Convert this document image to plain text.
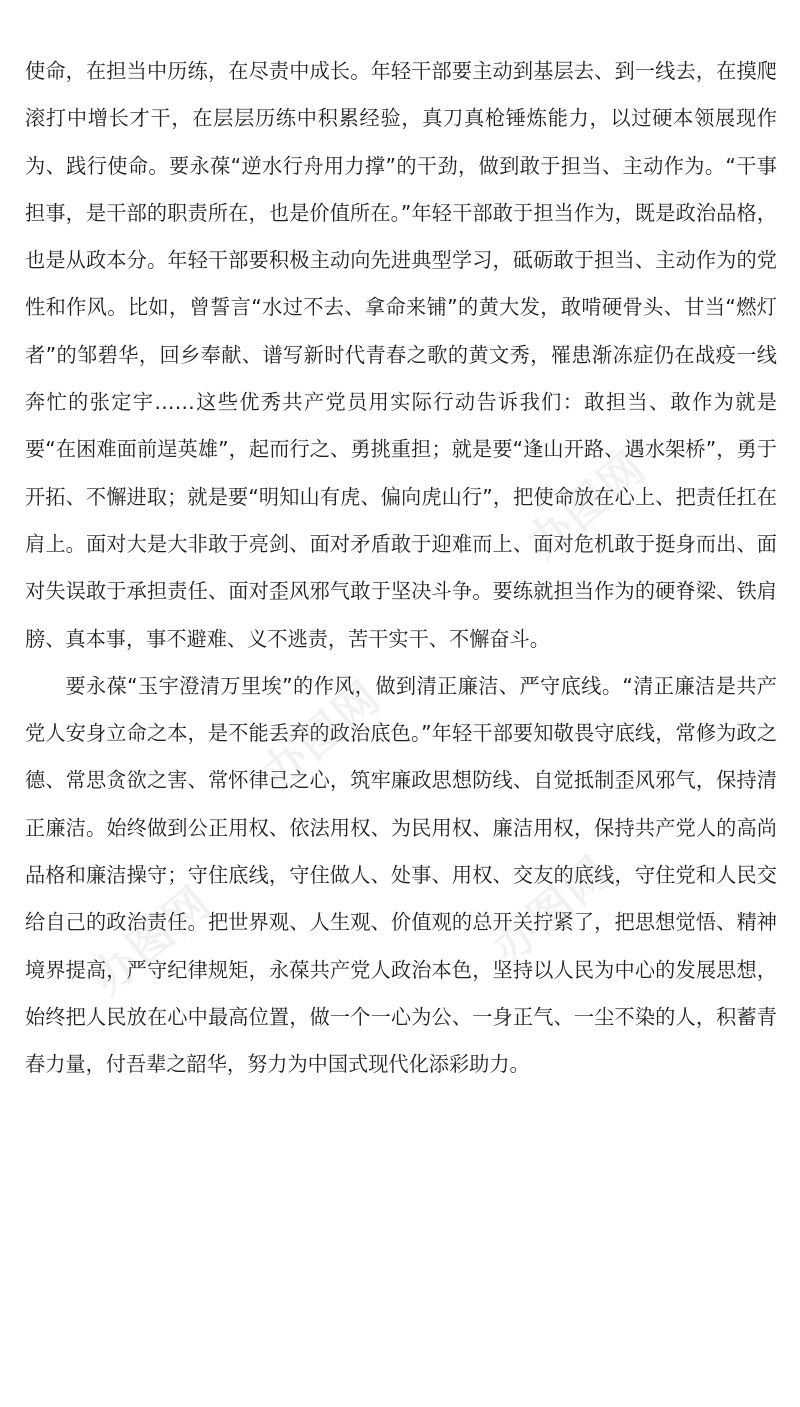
使命，在担当中历练，在尽责中成长。年轻干部要主动到基层去、到一线去，在摸爬滚打中增长才干，在层层历练中积累经验，真刀真枪锤炼能力，以过硬本领展现作为、践行使命。要永葆“逆水行舟用力撑”的干劲，做到敢于担当、主动作为。“干事担事，是干部的职责所在，也是价值所在。”年轻干部敢于担当作为，既是政治品格，也是从政本分。年轻干部要积极主动向先进典型学习，砥砺敢于担当、主动作为的党性和作风。比如，曾誓言“水过不去、拿命来铺”的黄大发，敢啃硬骨头、甘当“燃灯者”的邹碧华，回乡奉献、谱写新时代青春之歌的黄文秀，罹患渐冻症仍在战疫一线奔忙的张定宇……这些优秀共产党员用实际行动告诉我们：敢担当、敢作为就是要“在困难面前逞英雄”，起而行之、勇挑重担；就是要“逢山开路、遇水架桥”，勇于开拓、不懈进取；就是要“明知山有虎、偏向虎山行”，把使命放在心上、把责任扛在肩上。面对大是大非敢于亮剑、面对矛盾敢于迎难而上、面对危机敢于挺身而出、面对失误敢于承担责任、面对歪风邪气敢于坚决斗争。要练就担当作为的硬脊梁、铁肩膀、真本事，事不避难、义不逃责，苦干实干、不懈奋斗。

要永葆“玉宇澄清万里埃”的作风，做到清正廉洁、严守底线。“清正廉洁是共产党人安身立命之本，是不能丢弃的政治底色。”年轻干部要知敬畏守底线，常修为政之德、常思贪欲之害、常怀律己之心，筑牢廉政思想防线、自觉抵制歪风邪气，保持清正廉洁。始终做到公正用权、依法用权、为民用权、廉洁用权，保持共产党人的高尚品格和廉洁操守；守住底线，守住做人、处事、用权、交友的底线，守住党和人民交给自己的政治责任。把世界观、人生观、价值观的总开关拧紧了，把思想觉悟、精神境界提高，严守纪律规矩，永葆共产党人政治本色，坚持以人民为中心的发展思想，始终把人民放在心中最高位置，做一个一心为公、一身正气、一尘不染的人，积蓄青春力量，付吾辈之韶华，努力为中国式现代化添彩助力。

办图网
办图网
办图网	办图网
